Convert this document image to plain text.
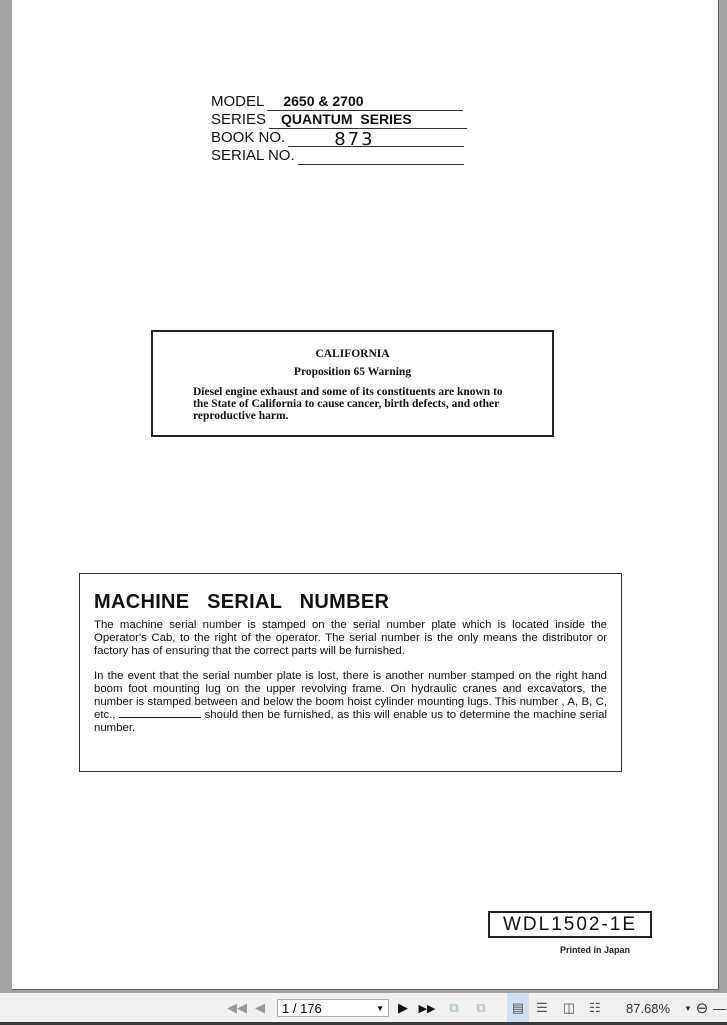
MODEL 2650 & 2700
SERIES QUANTUM  SERIES
BOOK NO.	873
SERIAL NO.
CALIFORNIA
Proposition 65 Warning
Diesel engine exhaust and some of its constituents are known to the State of California to cause cancer, birth defects, and other reproductive harm.
MACHINE  SERIAL  NUMBER

The machine serial number is stamped on the serial number plate which is located inside the Operator's Cab, to the right of the operator. The serial number is the only means the distributor or factory has of ensuring that the correct parts will be furnished.

In the event that the serial number plate is lost, there is another number stamped on the right hand boom foot mounting lug on the upper revolving frame. On hydraulic cranes and excavators, the number is stamped between and below the boom hoist cylinder mounting lugs. This number , A, B, C, etc.,	should then be furnished, as this will enable us to determine the machine serial number.

WDL1502-1E
Printed in Japan
◀◀ ◀	1 / 176	▼ ▶ ▶▶	⧉	⧉	▤ ☰ ◫	☷	87.68%	▼ ⊖ —
